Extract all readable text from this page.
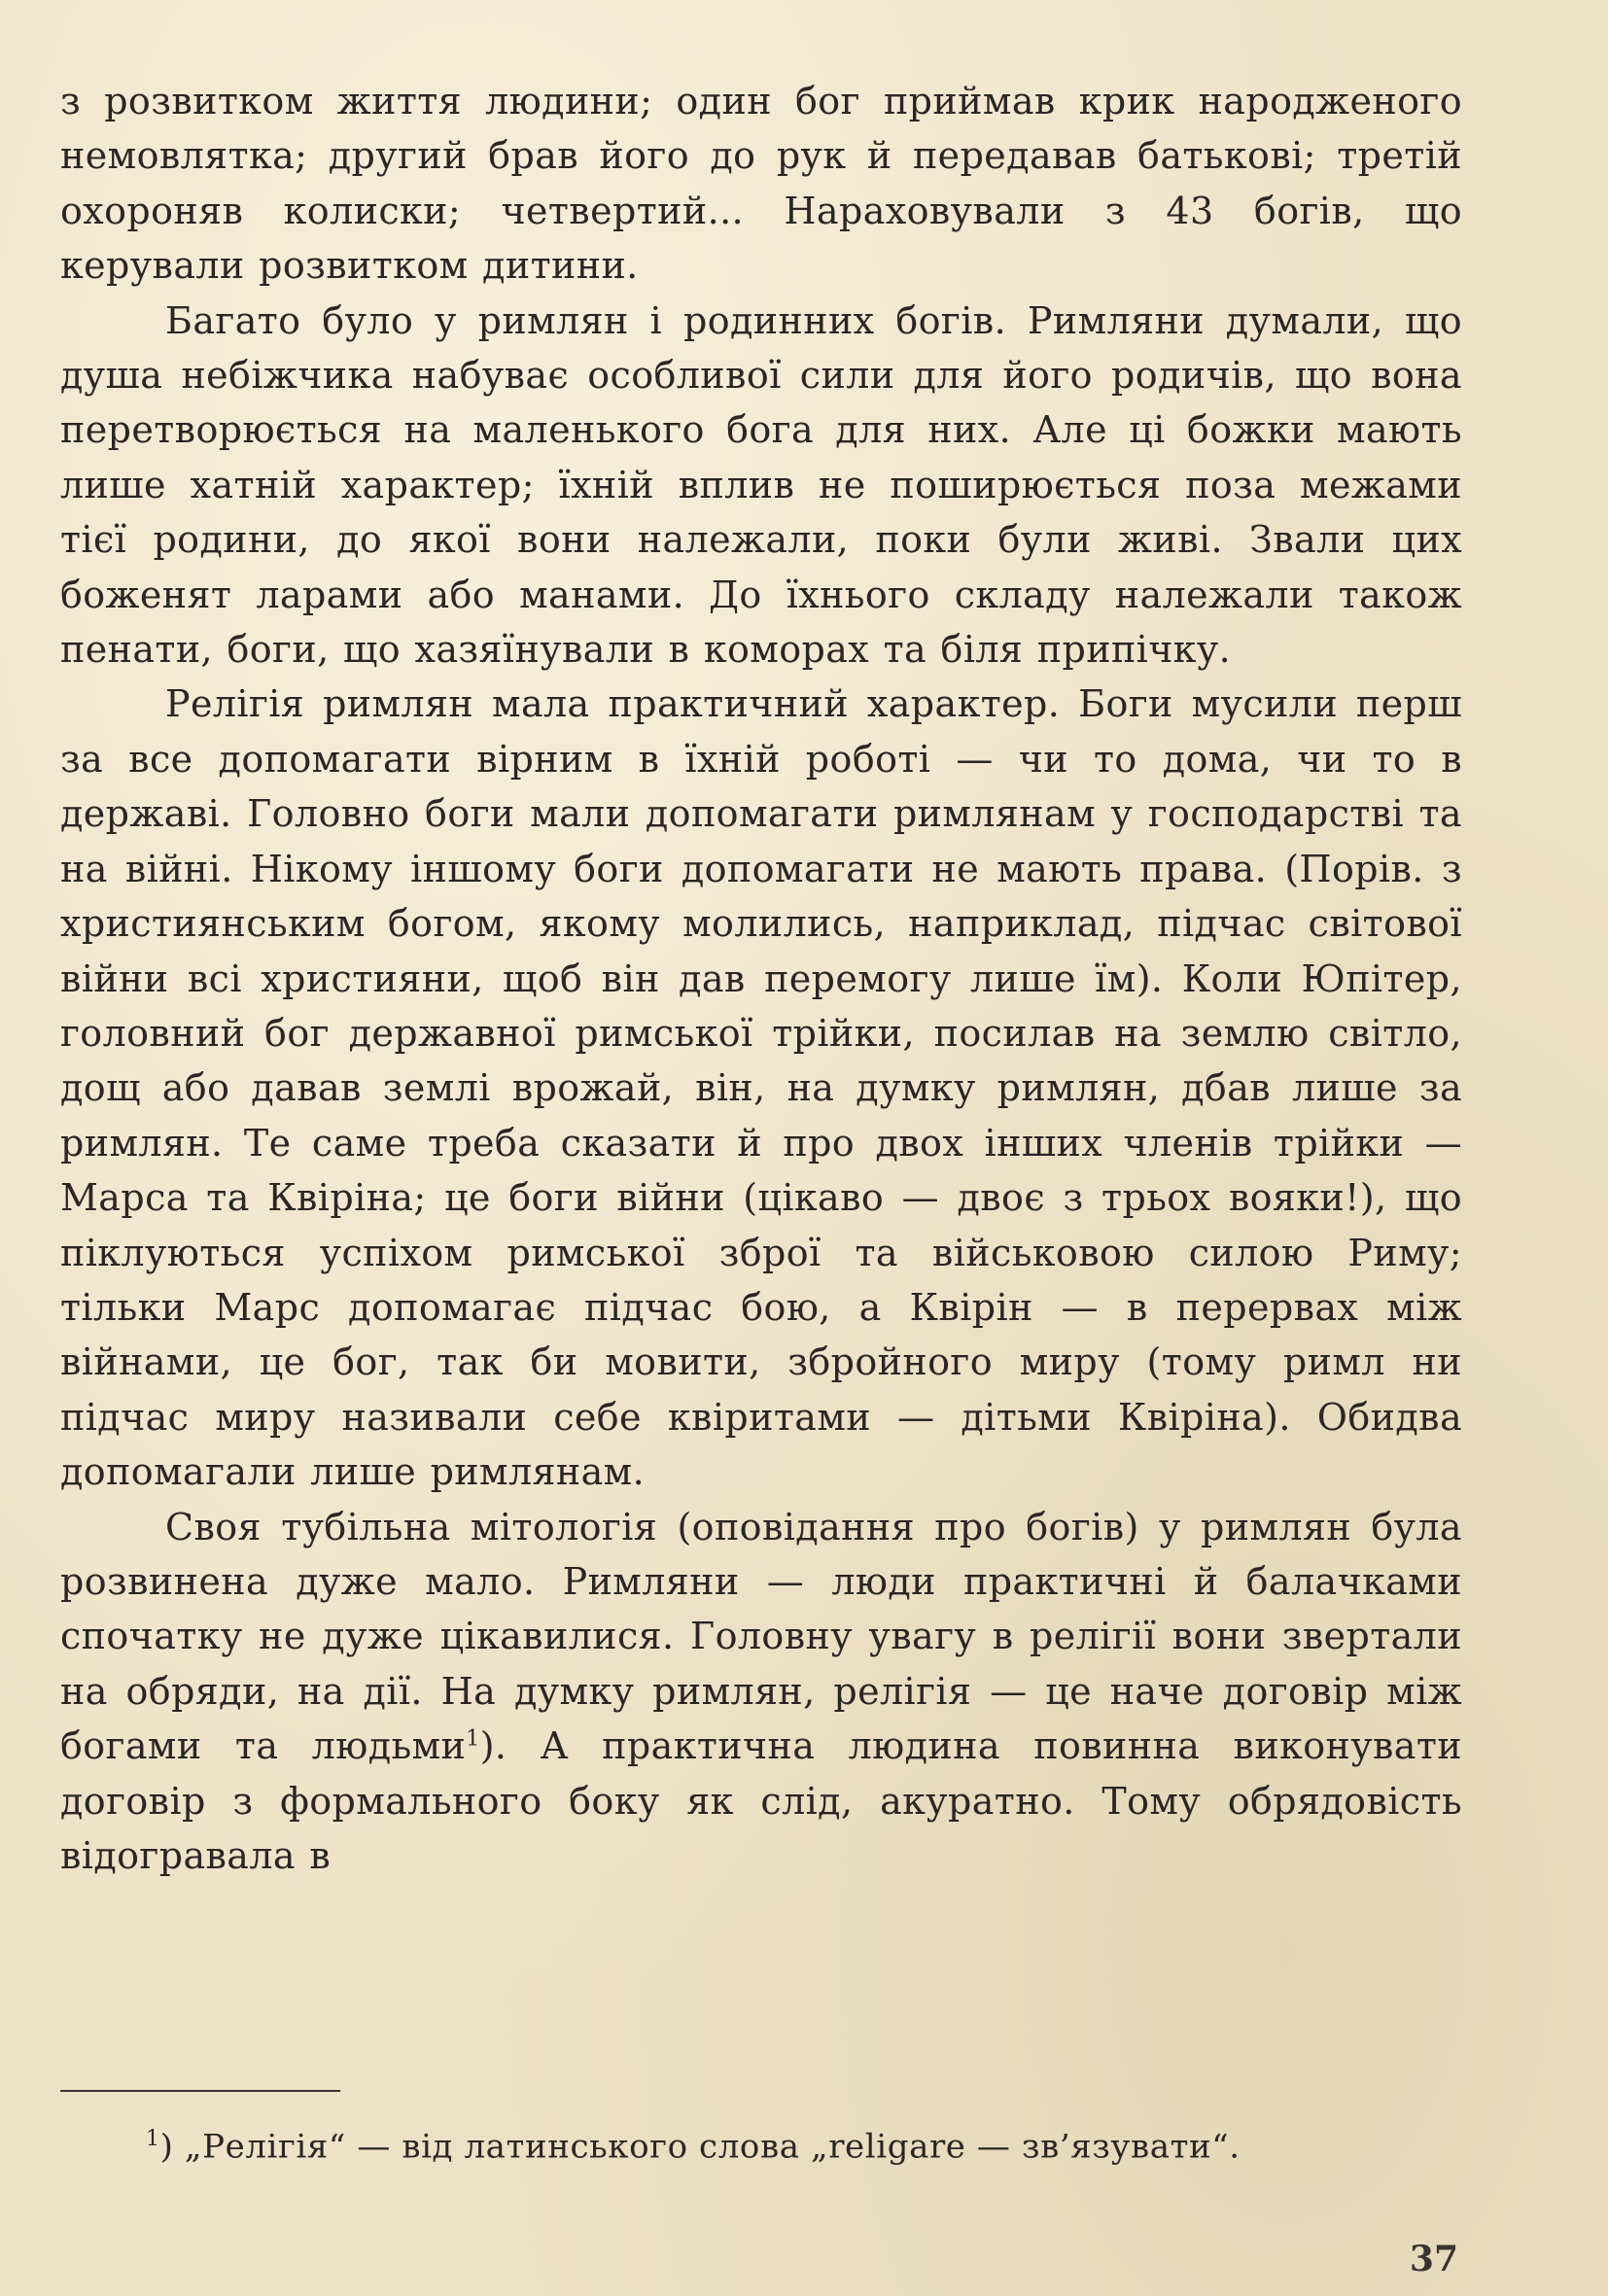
з розвитком життя людини; один бог приймав крик народженого немовлятка; другий брав його до рук й передавав батькові; третій охороняв колиски; четвертий... Нараховували з 43 богів, що керували розвитком дитини.

Багато було у римлян і родинних богів. Римляни думали, що душа небіжчика набуває особливої сили для його родичів, що вона перетворюється на маленького бога для них. Але ці божки мають лише хатній характер; їхній вплив не поширюється поза межами тієї родини, до якої вони належали, поки були живі. Звали цих боженят ларами або манами. До їхнього складу належали також пенати, боги, що хазяїнували в коморах та біля припічку.

Релігія римлян мала практичний характер. Боги мусили перш за все допомагати вірним в їхній роботі — чи то дома, чи то в державі. Головно боги мали допомагати римлянам у господарстві та на війні. Нікому іншому боги допомагати не мають права. (Порів. з християнським богом, якому молились, наприклад, підчас світової війни всі християни, щоб він дав перемогу лише їм). Коли Юпітер, головний бог державної римської трійки, посилав на землю світло, дощ або давав землі врожай, він, на думку римлян, дбав лише за римлян. Те саме треба сказати й про двох інших членів трійки — Марса та Квіріна; це боги війни (цікаво — двоє з трьох вояки!), що піклуються успіхом римської зброї та військовою силою Риму; тільки Марс допомагає підчас бою, а Квірін — в перервах між війнами, це бог, так би мовити, збройного миру (тому римл ни підчас миру називали себе квіритами — дітьми Квіріна). Обидва допомагали лише римлянам.

Своя тубільна мітологія (оповідання про богів) у римлян була розвинена дуже мало. Римляни — люди практичні й балачками спочатку не дуже цікавилися. Головну увагу в релігії вони звертали на обряди, на дії. На думку римлян, релігія — це наче договір між богами та людьми$^1$). А практична людина повинна виконувати договір з формального боку як слід, акуратно. Тому обрядовість відогравала в

$^1$) „Релігія“ — від латинського слова „religare — зв’язувати“.

37
